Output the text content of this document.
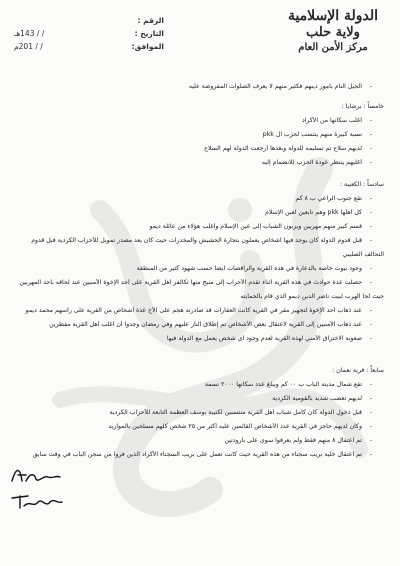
الدولة الإسلامية
ولاية حلب
مركز الأمن العام
الرقم :
التاريخ :
/ / 143هـ
الموافق:
/ / 201م
-
الجيل النام بأمور دينهم فكثير منهم لا يعرف الصلوات المفروضة عليه
خامساً : برشايا :
-
أغلب سكانها من الأكراد
-
نسبة كبيرة منهم ينتسب لحزب ال pkk
-
لديهم سلاح تم تسليمه للدولة وبعدها أرجعت الدولة لهم السلاح
-
أغلبهم ينتظر عودة الحزب للانضمام إليه
سادساً : الكعيبة :
-
تقع جنوب الراعي ب ٨ كم
-
كل أهلها pkk وهم تابعين لعين الإسلام
-
قسم كبير منهم مهربين ويربون الشباب إلى عين الإسلام وأغلب هؤلاء من عائلة ديمو
-
قبل قدوم الدولة كان يوجد فيها أشخاص يعملون بتجارة الحشيش والمخدرات حيث كان يعد مصدر تمويل للأحزاب الكردية قبل قدوم
التحالف الصليبي
-
وجود بيوت خاصة بالدعارة في هذه القرية والراقصات أيضاً حسب شهود كثير من المنطقة
-
حصلت عدة حوادث في هذه القرية أثناء تقدم الأحزاب إلى منبج منها تكالفر أهل القرية على أحد الإخوة الأمنيين عند لحاقه بأحد المهربين
حيث لجأ الهرب لبيت ناصر الدين ديمو الذي قام بالحمايته
-
عند ذهاب أحد الإخوة لتجهيز مقر في القرية كانت العقارات قد صادرته هجم على الأخ عدة أشخاص من القرية على رأسهم محمد ديمو
-
عند ذهاب الأمنيين إلى القرية لاعتقال بعض الأشخاص تم إطلاق النار عليهم وفي رمضان وجدوا أن أغلب أهل القرية مفطرين
-
صعوبة الاختراق الأمني لهذه القرية لعدم وجود أي شخص يعمل مع الدولة فيها
سابعاً : قرية نعمان :
-
تقع شمال مدينة الباب ب ٠٠ كم ويبلغ عدد سكانها ٢٠٠٠ نسمة
-
لديهم تعصب شديد بالقومية الكردية
-
قبل دخول الدولة كان كامل شباب أهل القرية منتسبين لكتيبة يوسف العظمة التابعة للأحزاب الكردية
-
وكان لديهم حاجز في القرية عدد الأشخاص القائمين عليه أكثر من ٢٥ شخص كلهم مسلحين بالمواريد
-
تم اعتقال ٨ منهم فقط ولم يعرفوا سوى على بارودتين
-
تم اعتقال خلية بريب سجناء من هذه القرية حيث كانت تعمل على بريب السجناء الأكراد الذين فروا من سجن الباب في وقت سابق
